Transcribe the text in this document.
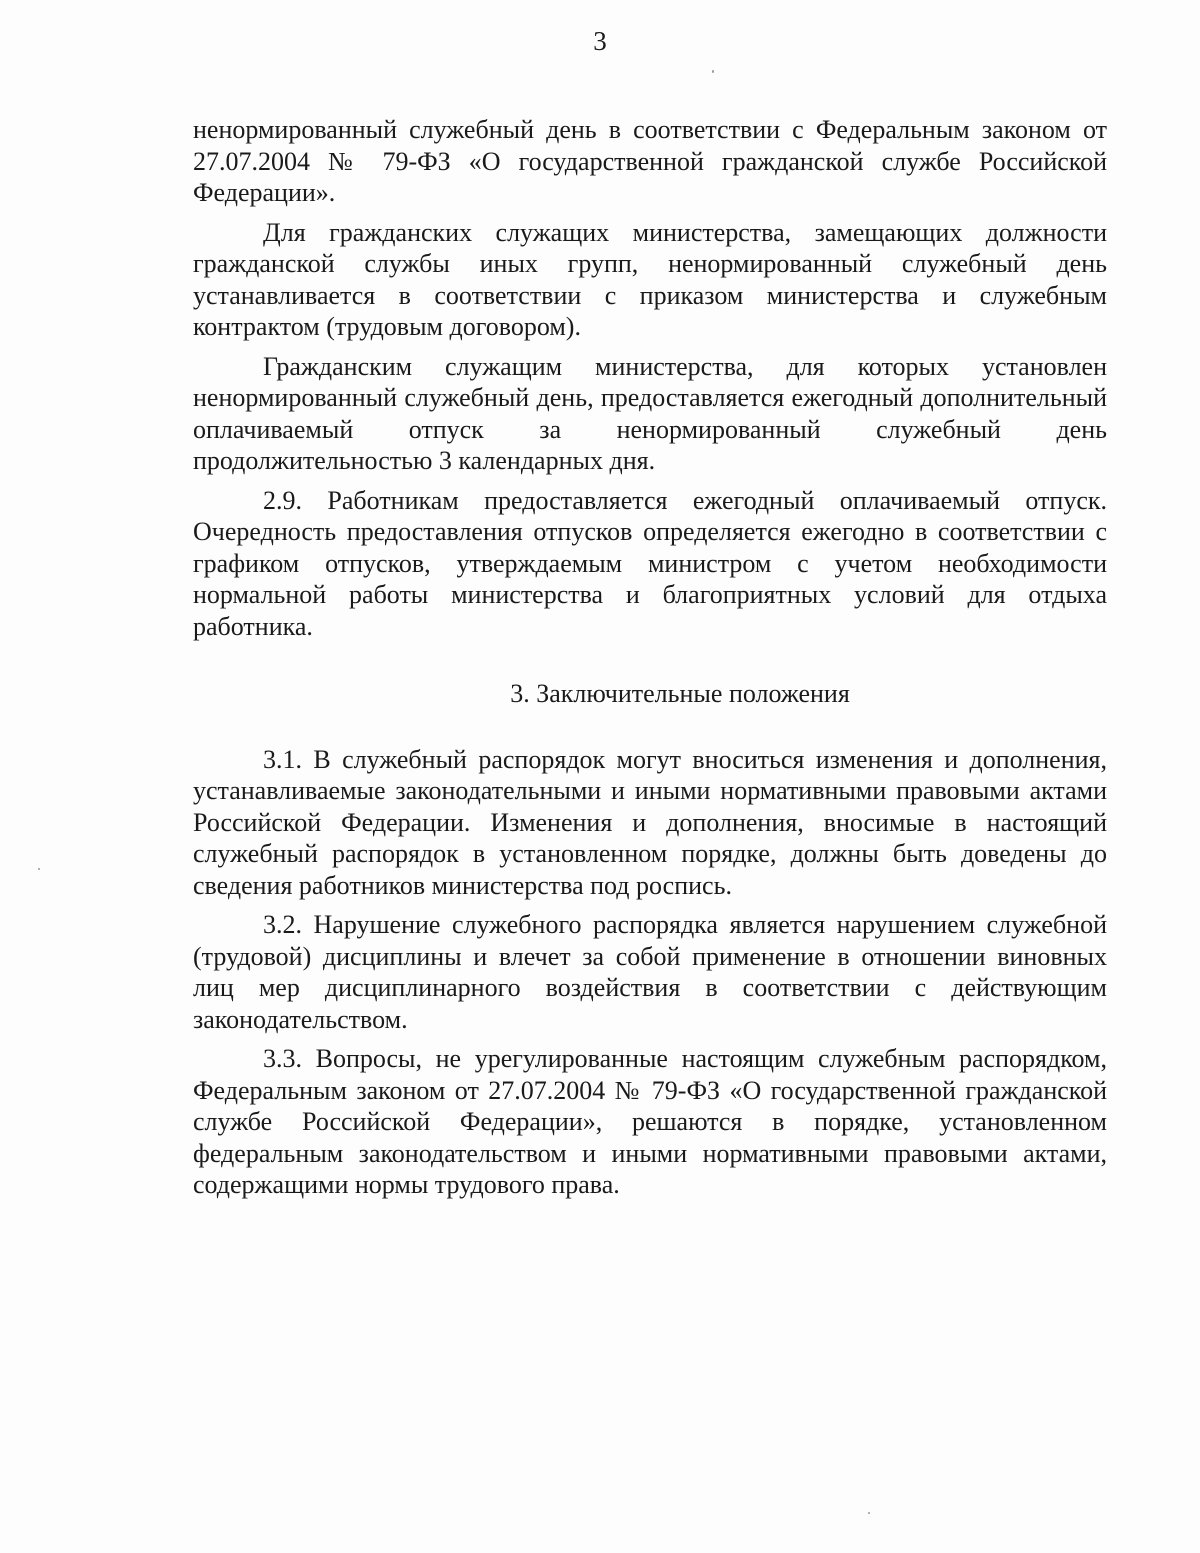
3

ненормированный служебный день в соответствии с Федеральным законом от 27.07.2004 № 79-ФЗ «О государственной гражданской службе Российской Федерации».

Для гражданских служащих министерства, замещающих должности гражданской службы иных групп, ненормированный служебный день устанавливается в соответствии с приказом министерства и служебным контрактом (трудовым договором).

Гражданским служащим министерства, для которых установлен ненормированный служебный день, предоставляется ежегодный дополнительный оплачиваемый отпуск за ненормированный служебный день продолжительностью 3 календарных дня.

2.9. Работникам предоставляется ежегодный оплачиваемый отпуск. Очередность предоставления отпусков определяется ежегодно в соответствии с графиком отпусков, утверждаемым министром с учетом необходимости нормальной работы министерства и благоприятных условий для отдыха работника.

3. Заключительные положения

3.1. В служебный распорядок могут вноситься изменения и дополнения, устанавливаемые законодательными и иными нормативными правовыми актами Российской Федерации. Изменения и дополнения, вносимые в настоящий служебный распорядок в установленном порядке, должны быть доведены до сведения работников министерства под роспись.

3.2. Нарушение служебного распорядка является нарушением служебной (трудовой) дисциплины и влечет за собой применение в отношении виновных лиц мер дисциплинарного воздействия в соответствии с действующим законодательством.

3.3. Вопросы, не урегулированные настоящим служебным распорядком, Федеральным законом от 27.07.2004 № 79-ФЗ «О государственной гражданской службе Российской Федерации», решаются в порядке, установленном федеральным законодательством и иными нормативными правовыми актами, содержащими нормы трудового права.
